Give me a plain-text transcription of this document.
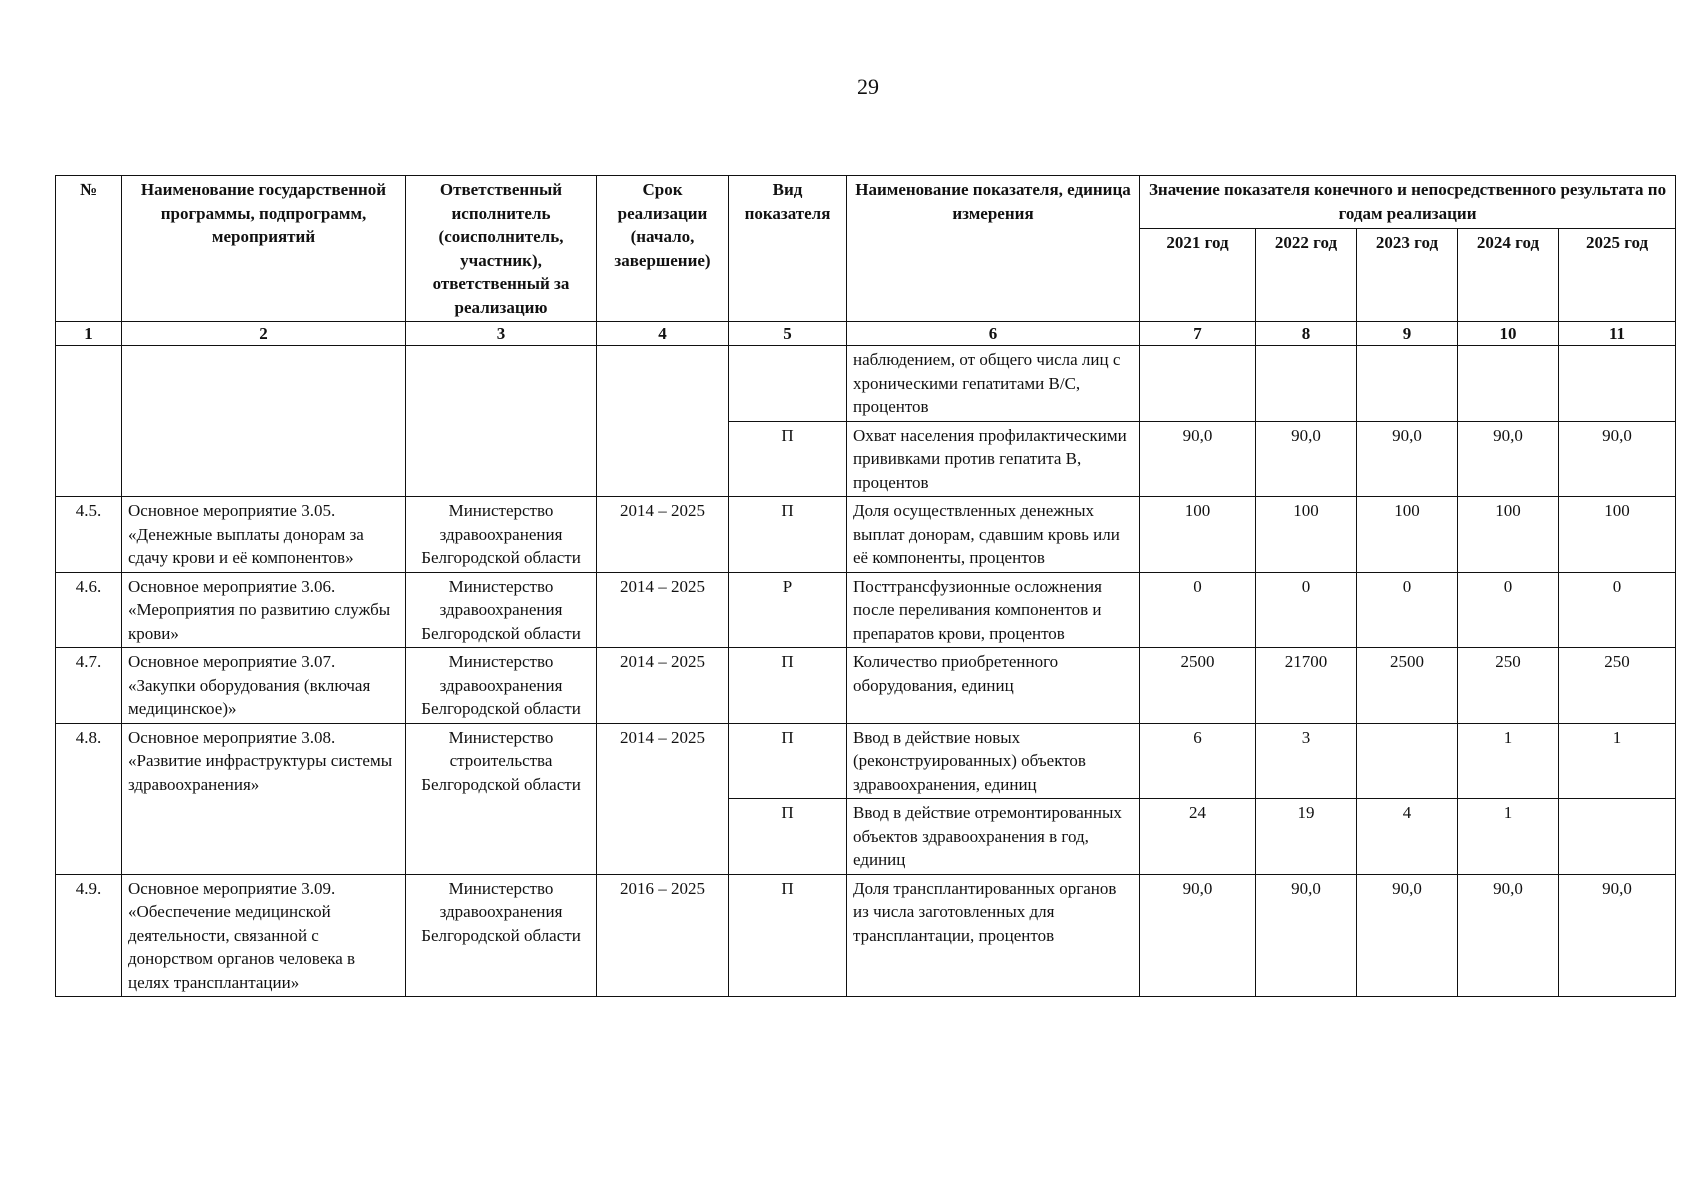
29
№	Наименование государственной программы, подпрограмм, мероприятий	Ответственный исполнитель (соисполнитель, участник), ответственный за реализацию	Срок реализации (начало, завершение)	Вид показателя	Наименование показателя, единица измерения	Значение показателя конечного и непосредственного результата по годам реализации				
						2021 год	2022 год	2023 год	2024 год	2025 год
1	2	3	4	5	6	7	8	9	10	11
					наблюдением, от общего числа лиц с хроническими гепатитами В/С, процентов					
				П	Охват населения профилактическими прививками против гепатита В, процентов	90,0	90,0	90,0	90,0	90,0
4.5.	Основное мероприятие 3.05. «Денежные выплаты донорам за сдачу крови и её компонентов»	Министерство здравоохранения Белгородской области	2014 – 2025	П	Доля осуществленных денежных выплат донорам, сдавшим кровь или её компоненты, процентов	100	100	100	100	100
4.6.	Основное мероприятие 3.06. «Мероприятия по развитию службы крови»	Министерство здравоохранения Белгородской области	2014 – 2025	Р	Посттрансфузионные осложнения после переливания компонентов и препаратов крови, процентов	0	0	0	0	0
4.7.	Основное мероприятие 3.07. «Закупки оборудования (включая медицинское)»	Министерство здравоохранения Белгородской области	2014 – 2025	П	Количество приобретенного оборудования, единиц	2500	21700	2500	250	250
4.8.	Основное мероприятие 3.08. «Развитие инфраструктуры системы здравоохранения»	Министерство строительства Белгородской области	2014 – 2025	П	Ввод в действие новых (реконструированных) объектов здравоохранения, единиц	6	3		1	1
				П	Ввод в действие отремонтированных объектов здравоохранения в год, единиц	24	19	4	1	
4.9.	Основное мероприятие 3.09. «Обеспечение медицинской деятельности, связанной с донорством органов человека в целях трансплантации»	Министерство здравоохранения Белгородской области	2016 – 2025	П	Доля трансплантированных органов из числа заготовленных для трансплантации, процентов	90,0	90,0	90,0	90,0	90,0
